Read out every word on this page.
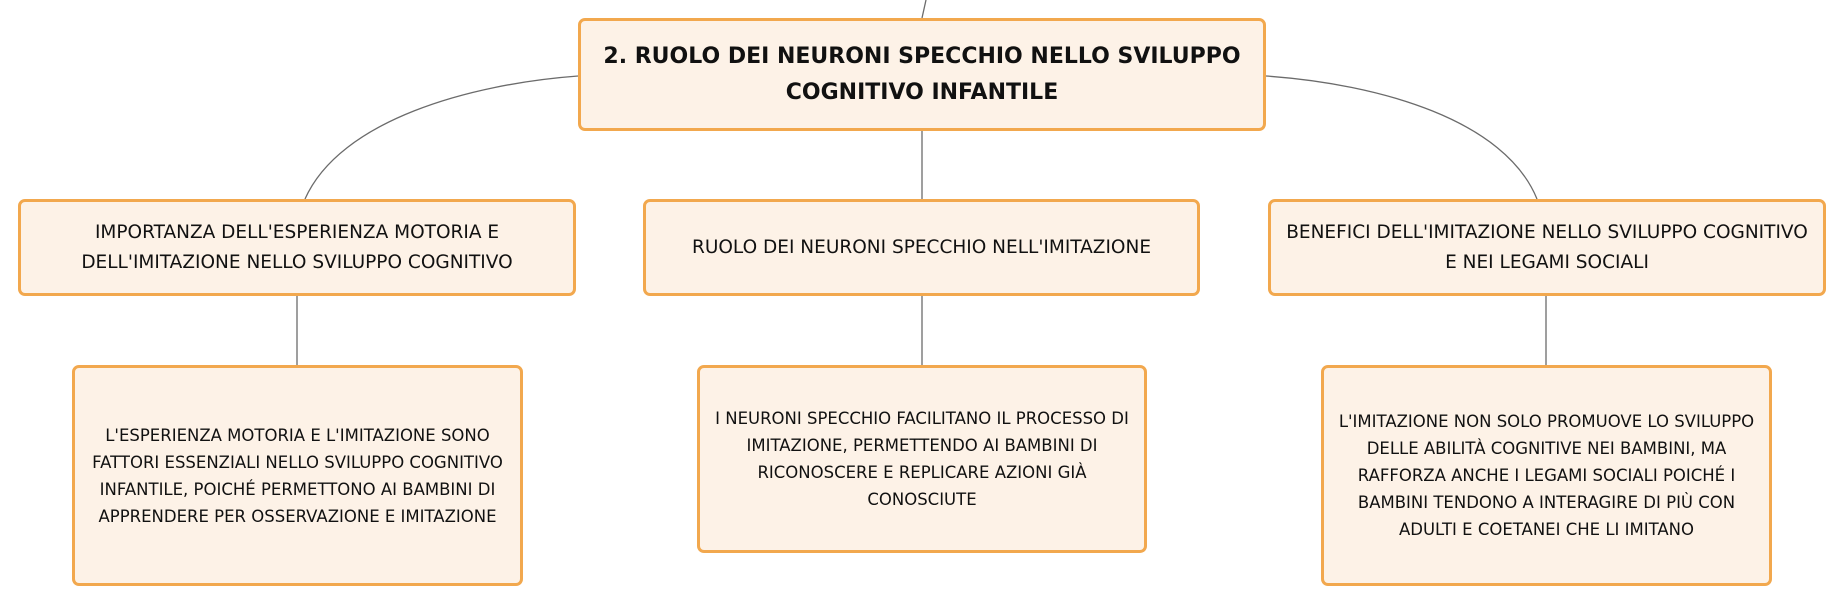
2. RUOLO DEI NEURONI SPECCHIO NELLO SVILUPPO COGNITIVO INFANTILE
IMPORTANZA DELL'ESPERIENZA MOTORIA E DELL'IMITAZIONE NELLO SVILUPPO COGNITIVO
RUOLO DEI NEURONI SPECCHIO NELL'IMITAZIONE
BENEFICI DELL'IMITAZIONE NELLO SVILUPPO COGNITIVO E NEI LEGAMI SOCIALI
L'ESPERIENZA MOTORIA E L'IMITAZIONE SONO FATTORI ESSENZIALI NELLO SVILUPPO COGNITIVO INFANTILE, POICHÉ PERMETTONO AI BAMBINI DI APPRENDERE PER OSSERVAZIONE E IMITAZIONE
I NEURONI SPECCHIO FACILITANO IL PROCESSO DI IMITAZIONE, PERMETTENDO AI BAMBINI DI RICONOSCERE E REPLICARE AZIONI GIÀ CONOSCIUTE
L'IMITAZIONE NON SOLO PROMUOVE LO SVILUPPO DELLE ABILITÀ COGNITIVE NEI BAMBINI, MA RAFFORZA ANCHE I LEGAMI SOCIALI POICHÉ I BAMBINI TENDONO A INTERAGIRE DI PIÙ CON ADULTI E COETANEI CHE LI IMITANO
